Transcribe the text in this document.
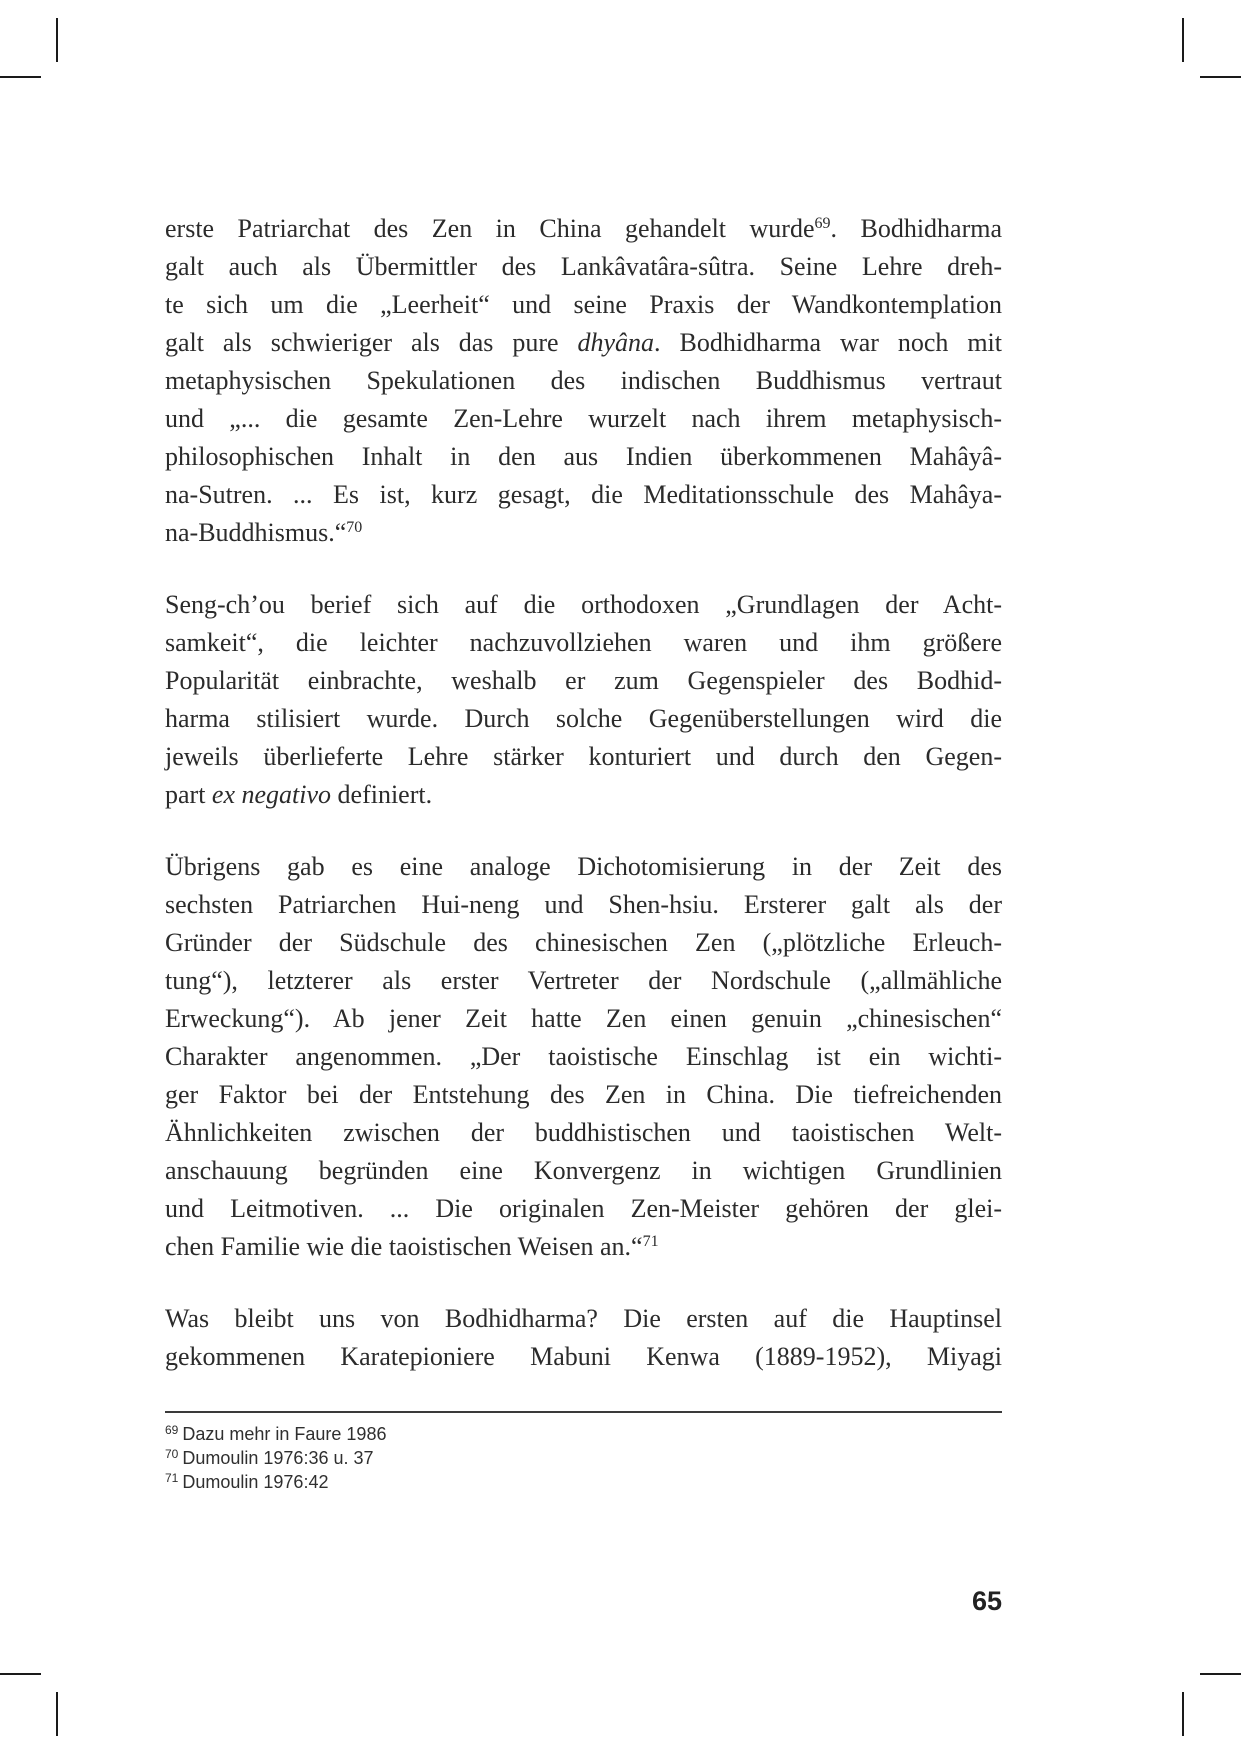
erste Patriarchat des Zen in China gehandelt wurde$^{69}$. Bodhidharma
galt auch als Übermittler des Lankâvatâra-sûtra. Seine Lehre dreh-
te sich um die „Leerheit“ und seine Praxis der Wandkontemplation
galt als schwieriger als das pure dhyâna. Bodhidharma war noch mit
metaphysischen Spekulationen des indischen Buddhismus vertraut
und „... die gesamte Zen-Lehre wurzelt nach ihrem metaphysisch-
philosophischen Inhalt in den aus Indien überkommenen Mahâyâ-
na-Sutren. ... Es ist, kurz gesagt, die Meditationsschule des Mahâya-
na-Buddhismus.“$^{70}$
Seng-ch’ou berief sich auf die orthodoxen „Grundlagen der Acht-
samkeit“, die leichter nachzuvollziehen waren und ihm größere
Popularität einbrachte, weshalb er zum Gegenspieler des Bodhid-
harma stilisiert wurde. Durch solche Gegenüberstellungen wird die
jeweils überlieferte Lehre stärker konturiert und durch den Gegen-
part ex negativo definiert.
Übrigens gab es eine analoge Dichotomisierung in der Zeit des
sechsten Patriarchen Hui-neng und Shen-hsiu. Ersterer galt als der
Gründer der Südschule des chinesischen Zen („plötzliche Erleuch-
tung“), letzterer als erster Vertreter der Nordschule („allmähliche
Erweckung“). Ab jener Zeit hatte Zen einen genuin „chinesischen“
Charakter angenommen. „Der taoistische Einschlag ist ein wichti-
ger Faktor bei der Entstehung des Zen in China. Die tiefreichenden
Ähnlichkeiten zwischen der buddhistischen und taoistischen Welt-
anschauung begründen eine Konvergenz in wichtigen Grundlinien
und Leitmotiven. ... Die originalen Zen-Meister gehören der glei-
chen Familie wie die taoistischen Weisen an.“$^{71}$
Was bleibt uns von Bodhidharma? Die ersten auf die Hauptinsel
gekommenen Karatepioniere Mabuni Kenwa (1889-1952), Miyagi
$^{69}$ Dazu mehr in Faure 1986
$^{70}$ Dumoulin 1976:36 u. 37
$^{71}$ Dumoulin 1976:42
65
